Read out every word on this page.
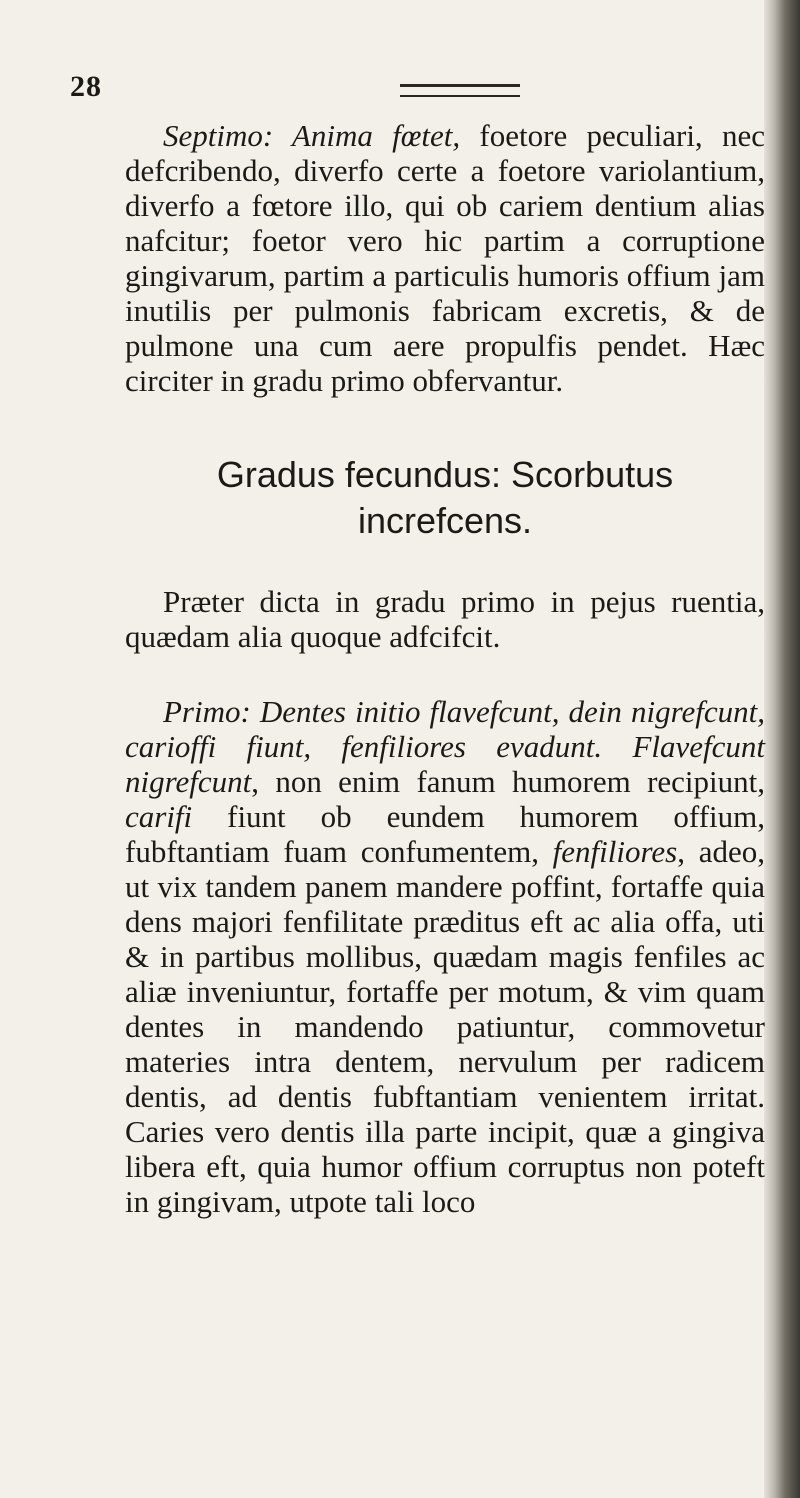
28

Septimo: Anima fœtet, foetore peculiari, nec defcribendo, diverfo certe a foetore variolantium, diverfo a fœtore illo, qui ob cariem dentium alias nafcitur; foetor vero hic partim a corruptione gingivarum, partim a particulis humoris offium jam inutilis per pulmonis fabricam excretis, & de pulmone una cum aere propulfis pendet. Hæc circiter in gradu primo obfervantur.

Gradus fecundus: Scorbutus increfcens.

Præter dicta in gradu primo in pejus ruentia, quædam alia quoque adfcifcit.

Primo: Dentes initio flavefcunt, dein nigrefcunt, carioffi fiunt, fenfiliores evadunt. Flavefcunt nigrefcunt, non enim fanum humorem recipiunt, carifi fiunt ob eundem humorem offium, fubftantiam fuam confumentem, fenfiliores, adeo, ut vix tandem panem mandere poffint, fortaffe quia dens majori fenfilitate præditus eft ac alia offa, uti & in partibus mollibus, quædam magis fenfiles ac aliæ inveniuntur, fortaffe per motum, & vim quam dentes in mandendo patiuntur, commovetur materies intra dentem, nervulum per radicem dentis, ad dentis fubftantiam venientem irritat. Caries vero dentis illa parte incipit, quæ a gingiva libera eft, quia humor offium corruptus non poteft in gingivam, utpote tali loco
